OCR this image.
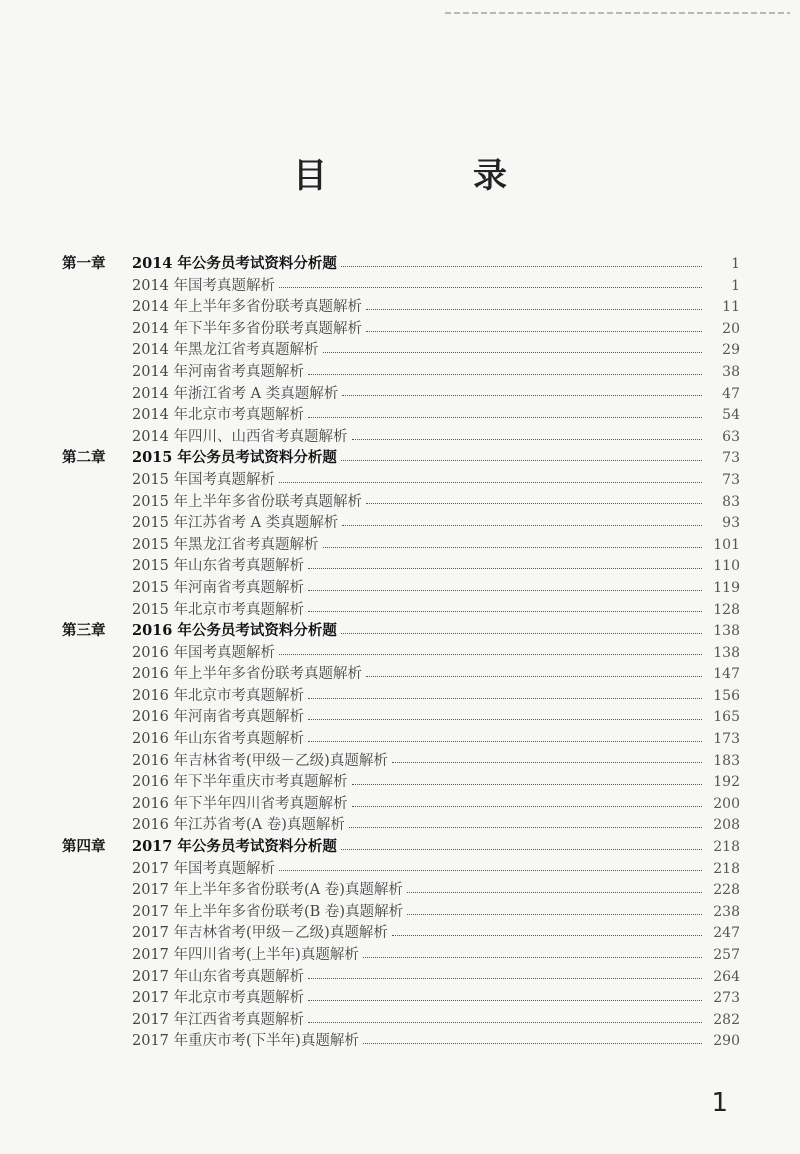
目　录
第一章	2014 年公务员考试资料分析题	1
2014 年国考真题解析	1
2014 年上半年多省份联考真题解析	11
2014 年下半年多省份联考真题解析	20
2014 年黑龙江省考真题解析	29
2014 年河南省考真题解析	38
2014 年浙江省考 A 类真题解析	47
2014 年北京市考真题解析	54
2014 年四川、山西省考真题解析	63
第二章	2015 年公务员考试资料分析题	73
2015 年国考真题解析	73
2015 年上半年多省份联考真题解析	83
2015 年江苏省考 A 类真题解析	93
2015 年黑龙江省考真题解析	101
2015 年山东省考真题解析	110
2015 年河南省考真题解析	119
2015 年北京市考真题解析	128
第三章	2016 年公务员考试资料分析题	138
2016 年国考真题解析	138
2016 年上半年多省份联考真题解析	147
2016 年北京市考真题解析	156
2016 年河南省考真题解析	165
2016 年山东省考真题解析	173
2016 年吉林省考(甲级－乙级)真题解析	183
2016 年下半年重庆市考真题解析	192
2016 年下半年四川省考真题解析	200
2016 年江苏省考(A 卷)真题解析	208
第四章	2017 年公务员考试资料分析题	218
2017 年国考真题解析	218
2017 年上半年多省份联考(A 卷)真题解析	228
2017 年上半年多省份联考(B 卷)真题解析	238
2017 年吉林省考(甲级－乙级)真题解析	247
2017 年四川省考(上半年)真题解析	257
2017 年山东省考真题解析	264
2017 年北京市考真题解析	273
2017 年江西省考真题解析	282
2017 年重庆市考(下半年)真题解析	290
1
